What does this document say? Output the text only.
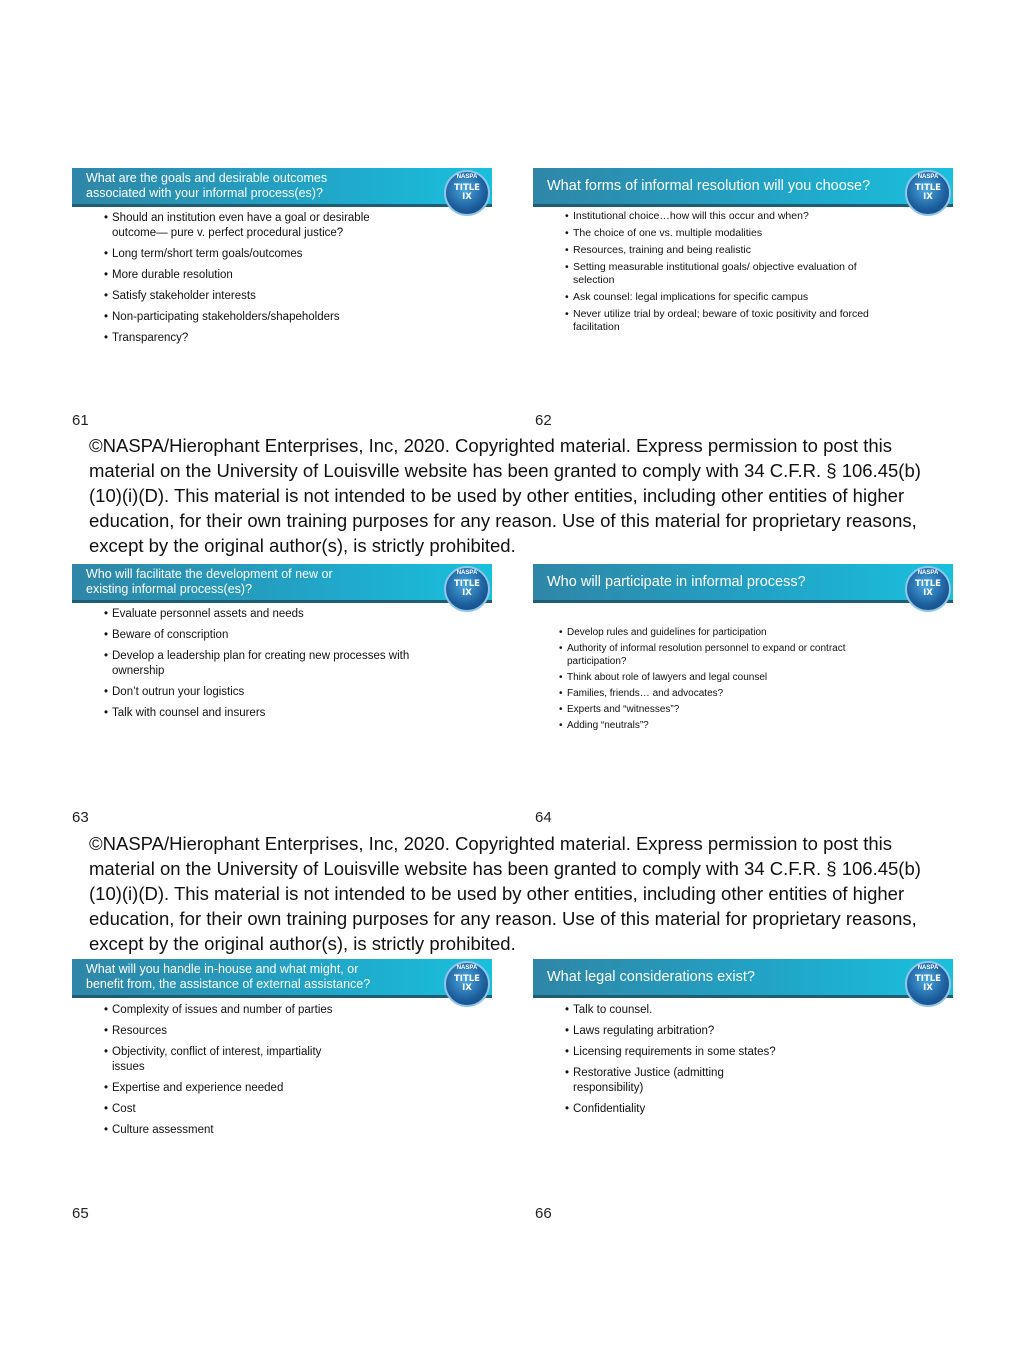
What are the goals and desirable outcomes
associated with your informal process(es)?
NASPA
TITLE
IX
• Should an institution even have a goal or desirable outcome— pure v. perfect procedural justice?
• Long term/short term goals/outcomes
• More durable resolution
• Satisfy stakeholder interests
• Non-participating stakeholders/shapeholders
• Transparency?
61
What forms of informal resolution will you choose?
NASPA
TITLE
IX
• Institutional choice…how will this occur and when?
• The choice of one vs. multiple modalities
• Resources, training and being realistic
• Setting measurable institutional goals/ objective evaluation of selection
• Ask counsel: legal implications for specific campus
• Never utilize trial by ordeal; beware of toxic positivity and forced facilitation
62
©NASPA/Hierophant Enterprises, Inc, 2020. Copyrighted material. Express permission to post this material on the University of Louisville website has been granted to comply with 34 C.F.R. § 106.45(b)(10)(i)(D). This material is not intended to be used by other entities, including other entities of higher education, for their own training purposes for any reason. Use of this material for proprietary reasons, except by the original author(s), is strictly prohibited.
Who will facilitate the development of new or
existing informal process(es)?
NASPA
TITLE
IX
• Evaluate personnel assets and needs
• Beware of conscription
• Develop a leadership plan for creating new processes with ownership
• Don’t outrun your logistics
• Talk with counsel and insurers
63
Who will participate in informal process?
NASPA
TITLE
IX
• Develop rules and guidelines for participation
• Authority of informal resolution personnel to expand or contract participation?
• Think about role of lawyers and legal counsel
• Families, friends… and advocates?
• Experts and “witnesses”?
• Adding “neutrals”?
64
©NASPA/Hierophant Enterprises, Inc, 2020. Copyrighted material. Express permission to post this material on the University of Louisville website has been granted to comply with 34 C.F.R. § 106.45(b)(10)(i)(D). This material is not intended to be used by other entities, including other entities of higher education, for their own training purposes for any reason. Use of this material for proprietary reasons, except by the original author(s), is strictly prohibited.
What will you handle in-house and what might, or
benefit from, the assistance of external assistance?
NASPA
TITLE
IX
• Complexity of issues and number of parties
• Resources
• Objectivity, conflict of interest, impartiality issues
• Expertise and experience needed
• Cost
• Culture assessment
65
What legal considerations exist?
NASPA
TITLE
IX
• Talk to counsel.
• Laws regulating arbitration?
• Licensing requirements in some states?
• Restorative Justice (admitting responsibility)
• Confidentiality
66
